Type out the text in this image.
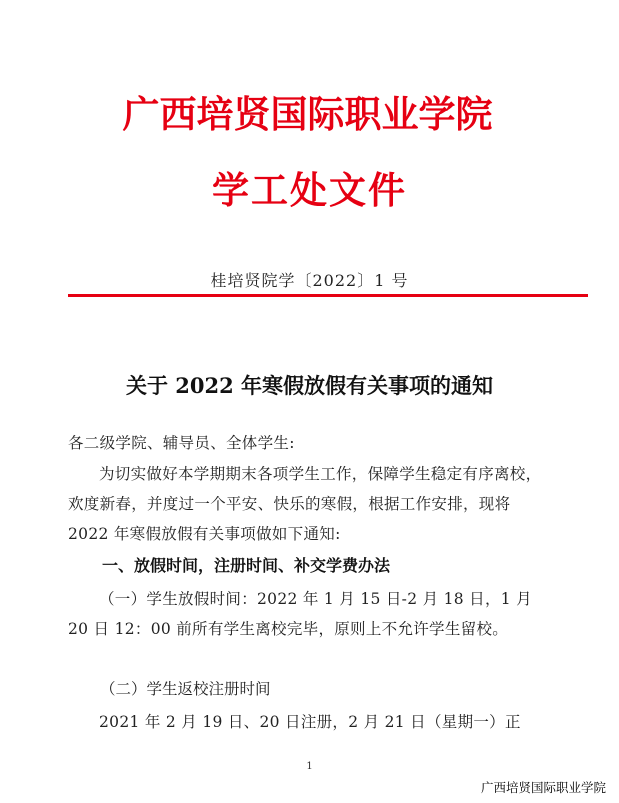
广西培贤国际职业学院
学工处文件
桂培贤院学〔2022〕1 号
关于 2022 年寒假放假有关事项的通知
各二级学院、辅导员、全体学生:
为切实做好本学期期末各项学生工作，保障学生稳定有序离校，欢度新春，并度过一个平安、快乐的寒假，根据工作安排，现将 2022 年寒假放假有关事项做如下通知:
一、放假时间，注册时间、补交学费办法
（一）学生放假时间：2022 年 1 月 15 日-2 月 18 日，1 月 20 日 12：00 前所有学生离校完毕，原则上不允许学生留校。
（二）学生返校注册时间
2021 年 2 月 19 日、20 日注册，2 月 21 日（星期一）正
1
广西培贤国际职业学院
